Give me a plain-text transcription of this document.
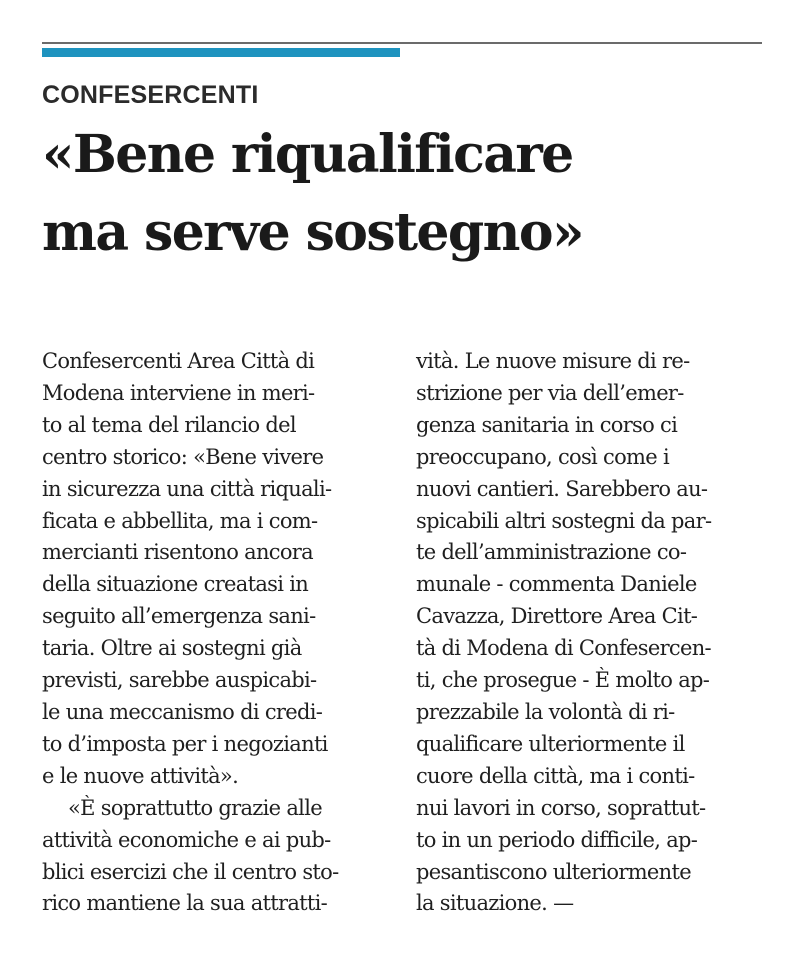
CONFESERCENTI
«Bene riqualificare
ma serve sostegno»
Confesercenti Area Città di
Modena interviene in meri-
to al tema del rilancio del
centro storico: «Bene vivere
in sicurezza una città riquali-
ficata e abbellita, ma i com-
mercianti risentono ancora
della situazione creatasi in
seguito all’emergenza sani-
taria. Oltre ai sostegni già
previsti, sarebbe auspicabi-
le una meccanismo di credi-
to d’imposta per i negozianti
e le nuove attività».
«È soprattutto grazie alle
attività economiche e ai pub-
blici esercizi che il centro sto-
rico mantiene la sua attratti-
vità. Le nuove misure di re-
strizione per via dell’emer-
genza sanitaria in corso ci
preoccupano, così come i
nuovi cantieri. Sarebbero au-
spicabili altri sostegni da par-
te dell’amministrazione co-
munale - commenta Daniele
Cavazza, Direttore Area Cit-
tà di Modena di Confesercen-
ti, che prosegue - È molto ap-
prezzabile la volontà di ri-
qualificare ulteriormente il
cuore della città, ma i conti-
nui lavori in corso, soprattut-
to in un periodo difficile, ap-
pesantiscono ulteriormente
la situazione. —
